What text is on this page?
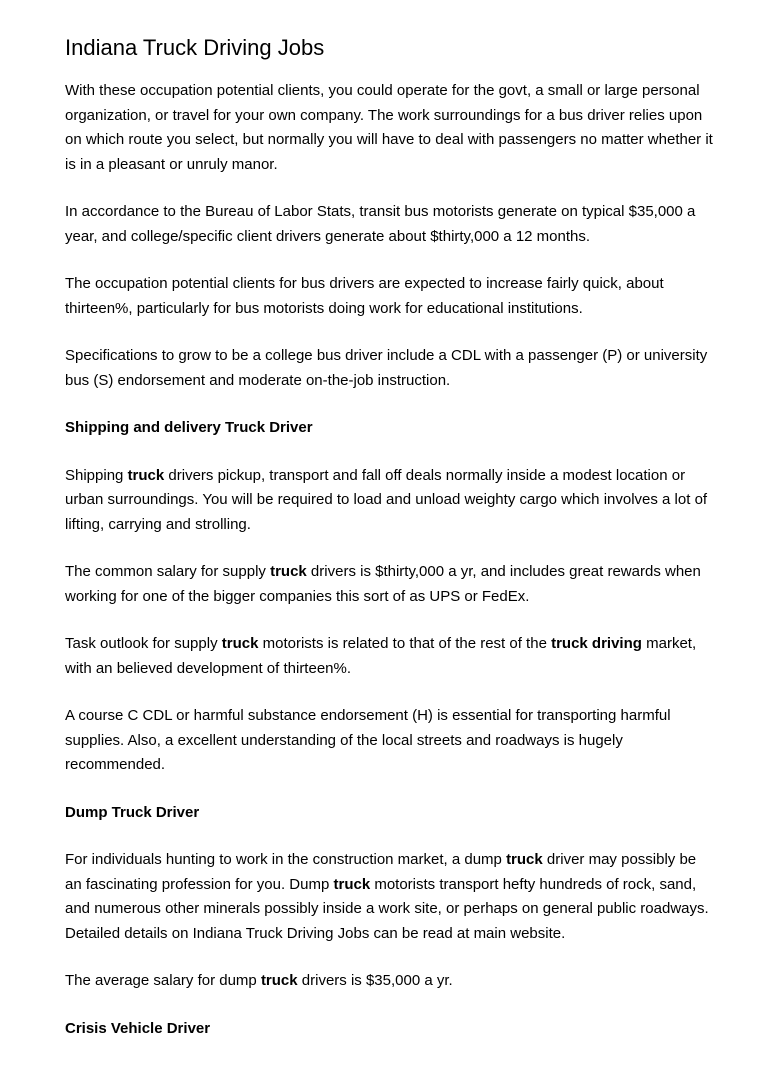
Indiana Truck Driving Jobs

With these occupation potential clients, you could operate for the govt, a small or large personal organization, or travel for your own company. The work surroundings for a bus driver relies upon on which route you select, but normally you will have to deal with passengers no matter whether it is in a pleasant or unruly manor.

In accordance to the Bureau of Labor Stats, transit bus motorists generate on typical $35,000 a year, and college/specific client drivers generate about $thirty,000 a 12 months.

The occupation potential clients for bus drivers are expected to increase fairly quick, about thirteen%, particularly for bus motorists doing work for educational institutions.

Specifications to grow to be a college bus driver include a CDL with a passenger (P) or university bus (S) endorsement and moderate on-the-job instruction.

Shipping and delivery Truck Driver

Shipping truck drivers pickup, transport and fall off deals normally inside a modest location or urban surroundings. You will be required to load and unload weighty cargo which involves a lot of lifting, carrying and strolling.

The common salary for supply truck drivers is $thirty,000 a yr, and includes great rewards when working for one of the bigger companies this sort of as UPS or FedEx.

Task outlook for supply truck motorists is related to that of the rest of the truck driving market, with an believed development of thirteen%.

A course C CDL or harmful substance endorsement (H) is essential for transporting harmful supplies. Also, a excellent understanding of the local streets and roadways is hugely recommended.

Dump Truck Driver

For individuals hunting to work in the construction market, a dump truck driver may possibly be an fascinating profession for you. Dump truck motorists transport hefty hundreds of rock, sand, and numerous other minerals possibly inside a work site, or perhaps on general public roadways. Detailed details on Indiana Truck Driving Jobs can be read at main website.

The average salary for dump truck drivers is $35,000 a yr.

Crisis Vehicle Driver
